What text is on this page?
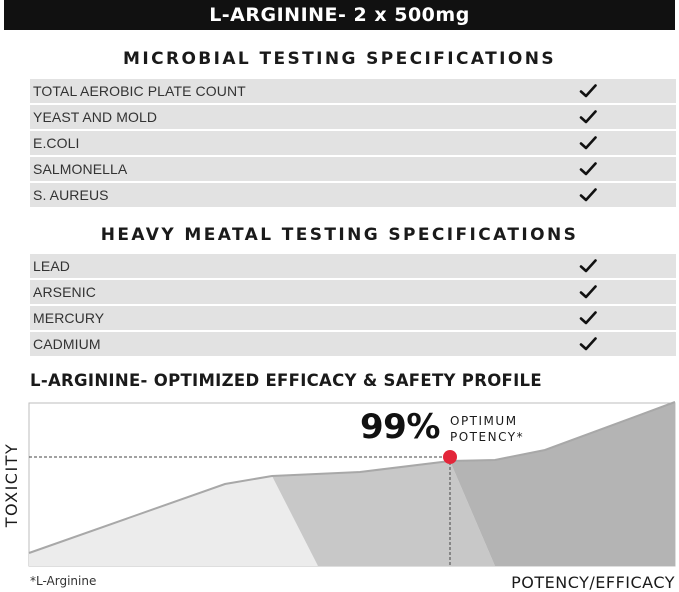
L-ARGININE- 2 x 500mg
MICROBIAL TESTING SPECIFICATIONS
TOTAL AEROBIC PLATE COUNT
YEAST AND MOLD
E.COLI
SALMONELLA
S. AUREUS
HEAVY MEATAL TESTING SPECIFICATIONS
LEAD
ARSENIC
MERCURY
CADMIUM
L-ARGININE- OPTIMIZED EFFICACY & SAFETY PROFILE
TOXICITY
99% OPTIMUM
POTENCY*
*L-Arginine	POTENCY/EFFICACY
